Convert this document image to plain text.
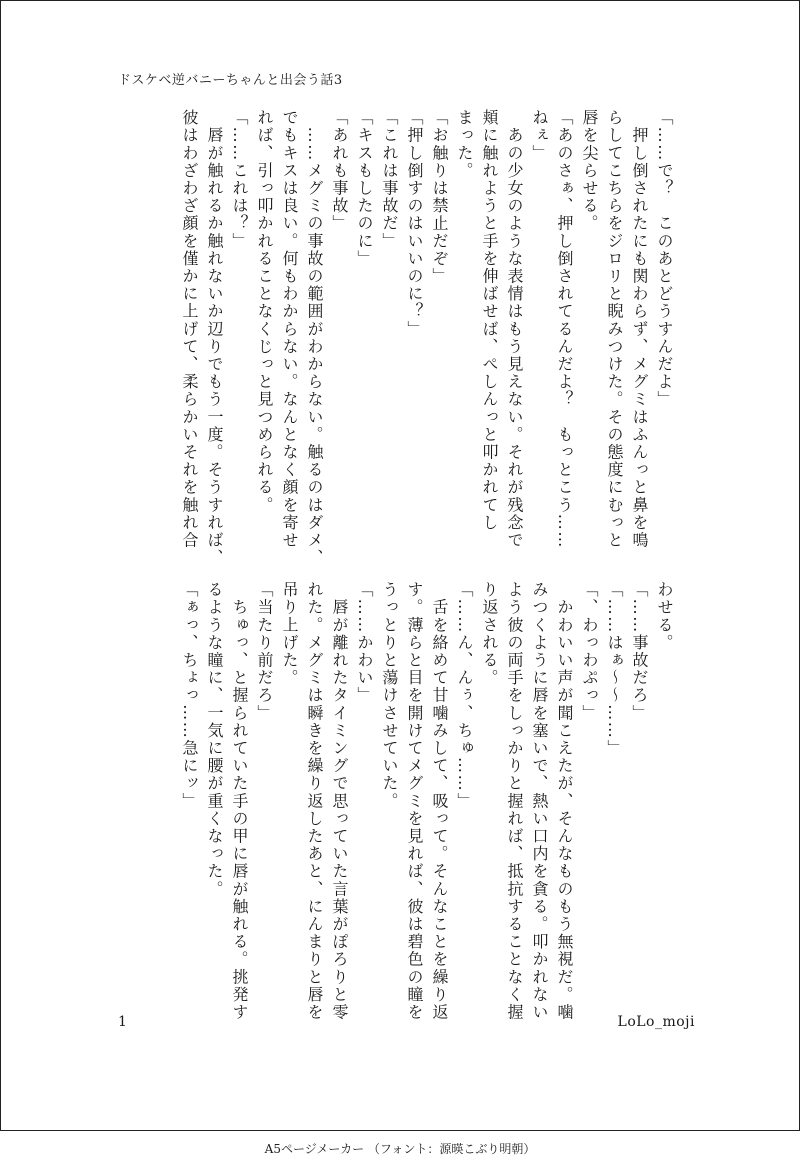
ドスケベ逆バニーちゃんと出会う話3
「……で？　このあとどうすんだよ」
　押し倒されたにも関わらず、メグミはふんっと鼻を鳴
らしてこちらをジロリと睨みつけた。その態度にむっと
唇を尖らせる。
「あのさぁ、押し倒されてるんだよ？　もっとこう……
ねぇ」
　あの少女のような表情はもう見えない。それが残念で
頬に触れようと手を伸ばせば、ぺしんっと叩かれてし
まった。
「お触りは禁止だぞ」
「押し倒すのはいいのに？」
「これは事故だ」
「キスもしたのに」
「あれも事故」
　……メグミの事故の範囲がわからない。触るのはダメ、
でもキスは良い。何もわからない。なんとなく顔を寄せ
れば、引っ叩かれることなくじっと見つめられる。
「……これは？」
　唇が触れるか触れないか辺りでもう一度。そうすれば、
彼はわざわざ顔を僅かに上げて、柔らかいそれを触れ合
わせる。
「……事故だろ」
「……はぁ～～……」
「、わっわぷっ」
　かわいい声が聞こえたが、そんなものもう無視だ。噛
みつくように唇を塞いで、熱い口内を貪る。叩かれない
よう彼の両手をしっかりと握れば、抵抗することなく握
り返される。
「……ん、んぅ、ちゅ……」
　舌を絡めて甘噛みして、吸って。そんなことを繰り返
す。薄らと目を開けてメグミを見れば、彼は碧色の瞳を
うっとりと蕩けさせていた。
「……かわい」
　唇が離れたタイミングで思っていた言葉がぽろりと零
れた。メグミは瞬きを繰り返したあと、にんまりと唇を
吊り上げた。
「当たり前だろ」
　ちゅっ、と握られていた手の甲に唇が触れる。挑発す
るような瞳に、一気に腰が重くなった。
「ぁっ、ちょっ……急にッ」
1	LoLo_moji
A5ページメーカー （フォント：源暎こぶり明朝）
